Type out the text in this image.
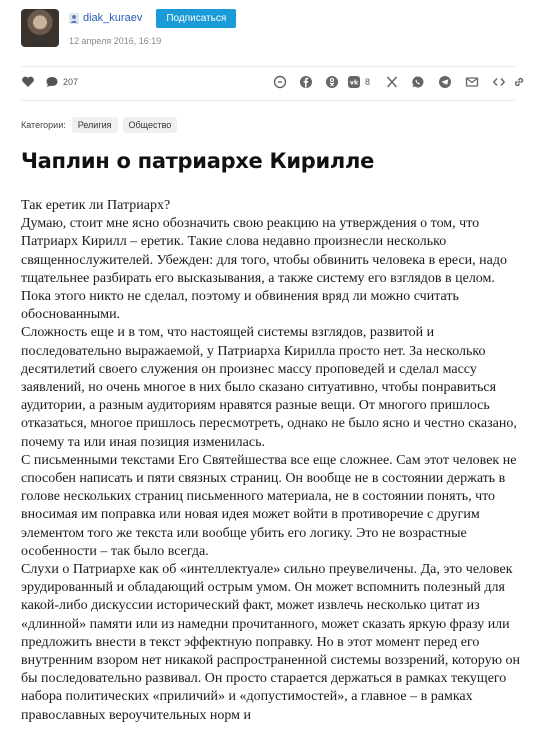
diak_kuraev	Подписаться
12 апреля 2016, 16:19
207	vk 8
Категории:	Религия	Общество
Чаплин о патриархе Кирилле

Так еретик ли Патриарх?

Думаю, стоит мне ясно обозначить свою реакцию на утверждения о том, что Патриарх Кирилл – еретик. Такие слова недавно произнесли несколько священнослужителей. Убежден: для того, чтобы обвинить человека в ереси, надо тщательнее разбирать его высказывания, а также систему его взглядов в целом. Пока этого никто не сделал, поэтому и обвинения вряд ли можно считать обоснованными.

Сложность еще и в том, что настоящей системы взглядов, развитой и последовательно выражаемой, у Патриарха Кирилла просто нет. За несколько десятилетий своего служения он произнес массу проповедей и сделал массу заявлений, но очень многое в них было сказано ситуативно, чтобы понравиться аудитории, а разным аудиториям нравятся разные вещи. От многого пришлось отказаться, многое пришлось пересмотреть, однако не было ясно и честно сказано, почему та или иная позиция изменилась.

С письменными текстами Его Святейшества все еще сложнее. Сам этот человек не способен написать и пяти связных страниц. Он вообще не в состоянии держать в голове нескольких страниц письменного материала, не в состоянии понять, что вносимая им поправка или новая идея может войти в противоречие с другим элементом того же текста или вообще убить его логику. Это не возрастные особенности – так было всегда.

Слухи о Патриархе как об «интеллектуале» сильно преувеличены. Да, это человек эрудированный и обладающий острым умом. Он может вспомнить полезный для какой-либо дискуссии исторический факт, может извлечь несколько цитат из «длинной» памяти или из намедни прочитанного, может сказать яркую фразу или предложить внести в текст эффектную поправку. Но в этот момент перед его внутренним взором нет никакой распространенной системы воззрений, которую он бы последовательно развивал. Он просто старается держаться в рамках текущего набора политических «приличий» и «допустимостей», а главное – в рамках православных вероучительных норм и
